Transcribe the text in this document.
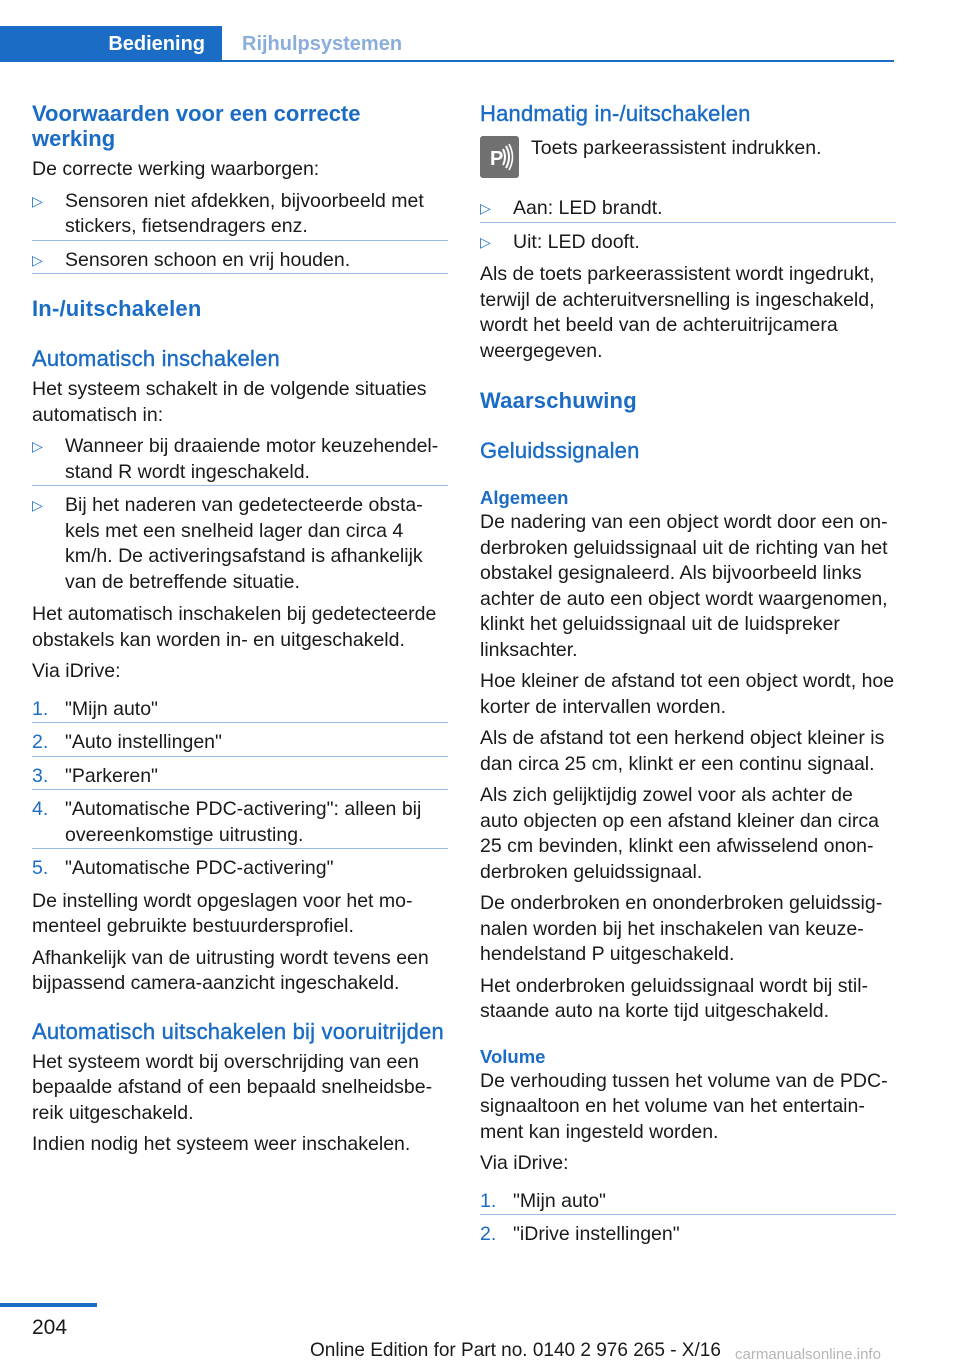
Bediening Rijhulpsystemen
Voorwaarden voor een correcte werking

De correcte werking waarborgen:

▷ Sensoren niet afdekken, bijvoorbeeld met stickers, fietsendragers enz.
▷ Sensoren schoon en vrij houden.
In-/uitschakelen
Automatisch inschakelen

Het systeem schakelt in de volgende situaties automatisch in:

▷ Wanneer bij draaiende motor keuzehendelstand R wordt ingeschakeld.
▷ Bij het naderen van gedetecteerde obstakels met een snelheid lager dan circa 4 km/h. De activeringsafstand is afhankelijk van de betreffende situatie.

Het automatisch inschakelen bij gedetecteerde obstakels kan worden in- en uitgeschakeld.

Via iDrive:

1. "Mijn auto"
2. "Auto instellingen"
3. "Parkeren"
4. "Automatische PDC-activering": alleen bij overeenkomstige uitrusting.
5. "Automatische PDC-activering"

De instelling wordt opgeslagen voor het momenteel gebruikte bestuurdersprofiel.

Afhankelijk van de uitrusting wordt tevens een bijpassend camera-aanzicht ingeschakeld.

Automatisch uitschakelen bij vooruitrijden

Het systeem wordt bij overschrijding van een bepaalde afstand of een bepaald snelheidsbereik uitgeschakeld.

Indien nodig het systeem weer inschakelen.

Handmatig in-/uitschakelen
P	Toets parkeerassistent indrukken.

▷ Aan: LED brandt.
▷ Uit: LED dooft.

Als de toets parkeerassistent wordt ingedrukt, terwijl de achteruitversnelling is ingeschakeld, wordt het beeld van de achteruitrijcamera weergegeven.

Waarschuwing
Geluidssignalen
Algemeen

De nadering van een object wordt door een onderbroken geluidssignaal uit de richting van het obstakel gesignaleerd. Als bijvoorbeeld links achter de auto een object wordt waargenomen, klinkt het geluidssignaal uit de luidspreker linksachter.

Hoe kleiner de afstand tot een object wordt, hoe korter de intervallen worden.

Als de afstand tot een herkend object kleiner is dan circa 25 cm, klinkt er een continu signaal.

Als zich gelijktijdig zowel voor als achter de auto objecten op een afstand kleiner dan circa 25 cm bevinden, klinkt een afwisselend ononderbroken geluidssignaal.

De onderbroken en ononderbroken geluidssignalen worden bij het inschakelen van keuzehendelstand P uitgeschakeld.

Het onderbroken geluidssignaal wordt bij stilstaande auto na korte tijd uitgeschakeld.

Volume

De verhouding tussen het volume van de PDC-signaaltoon en het volume van het entertainment kan ingesteld worden.

Via iDrive:

1. "Mijn auto"
2. "iDrive instellingen"
204
Online Edition for Part no. 0140 2 976 265 - X/16 carmanualsonline.info
